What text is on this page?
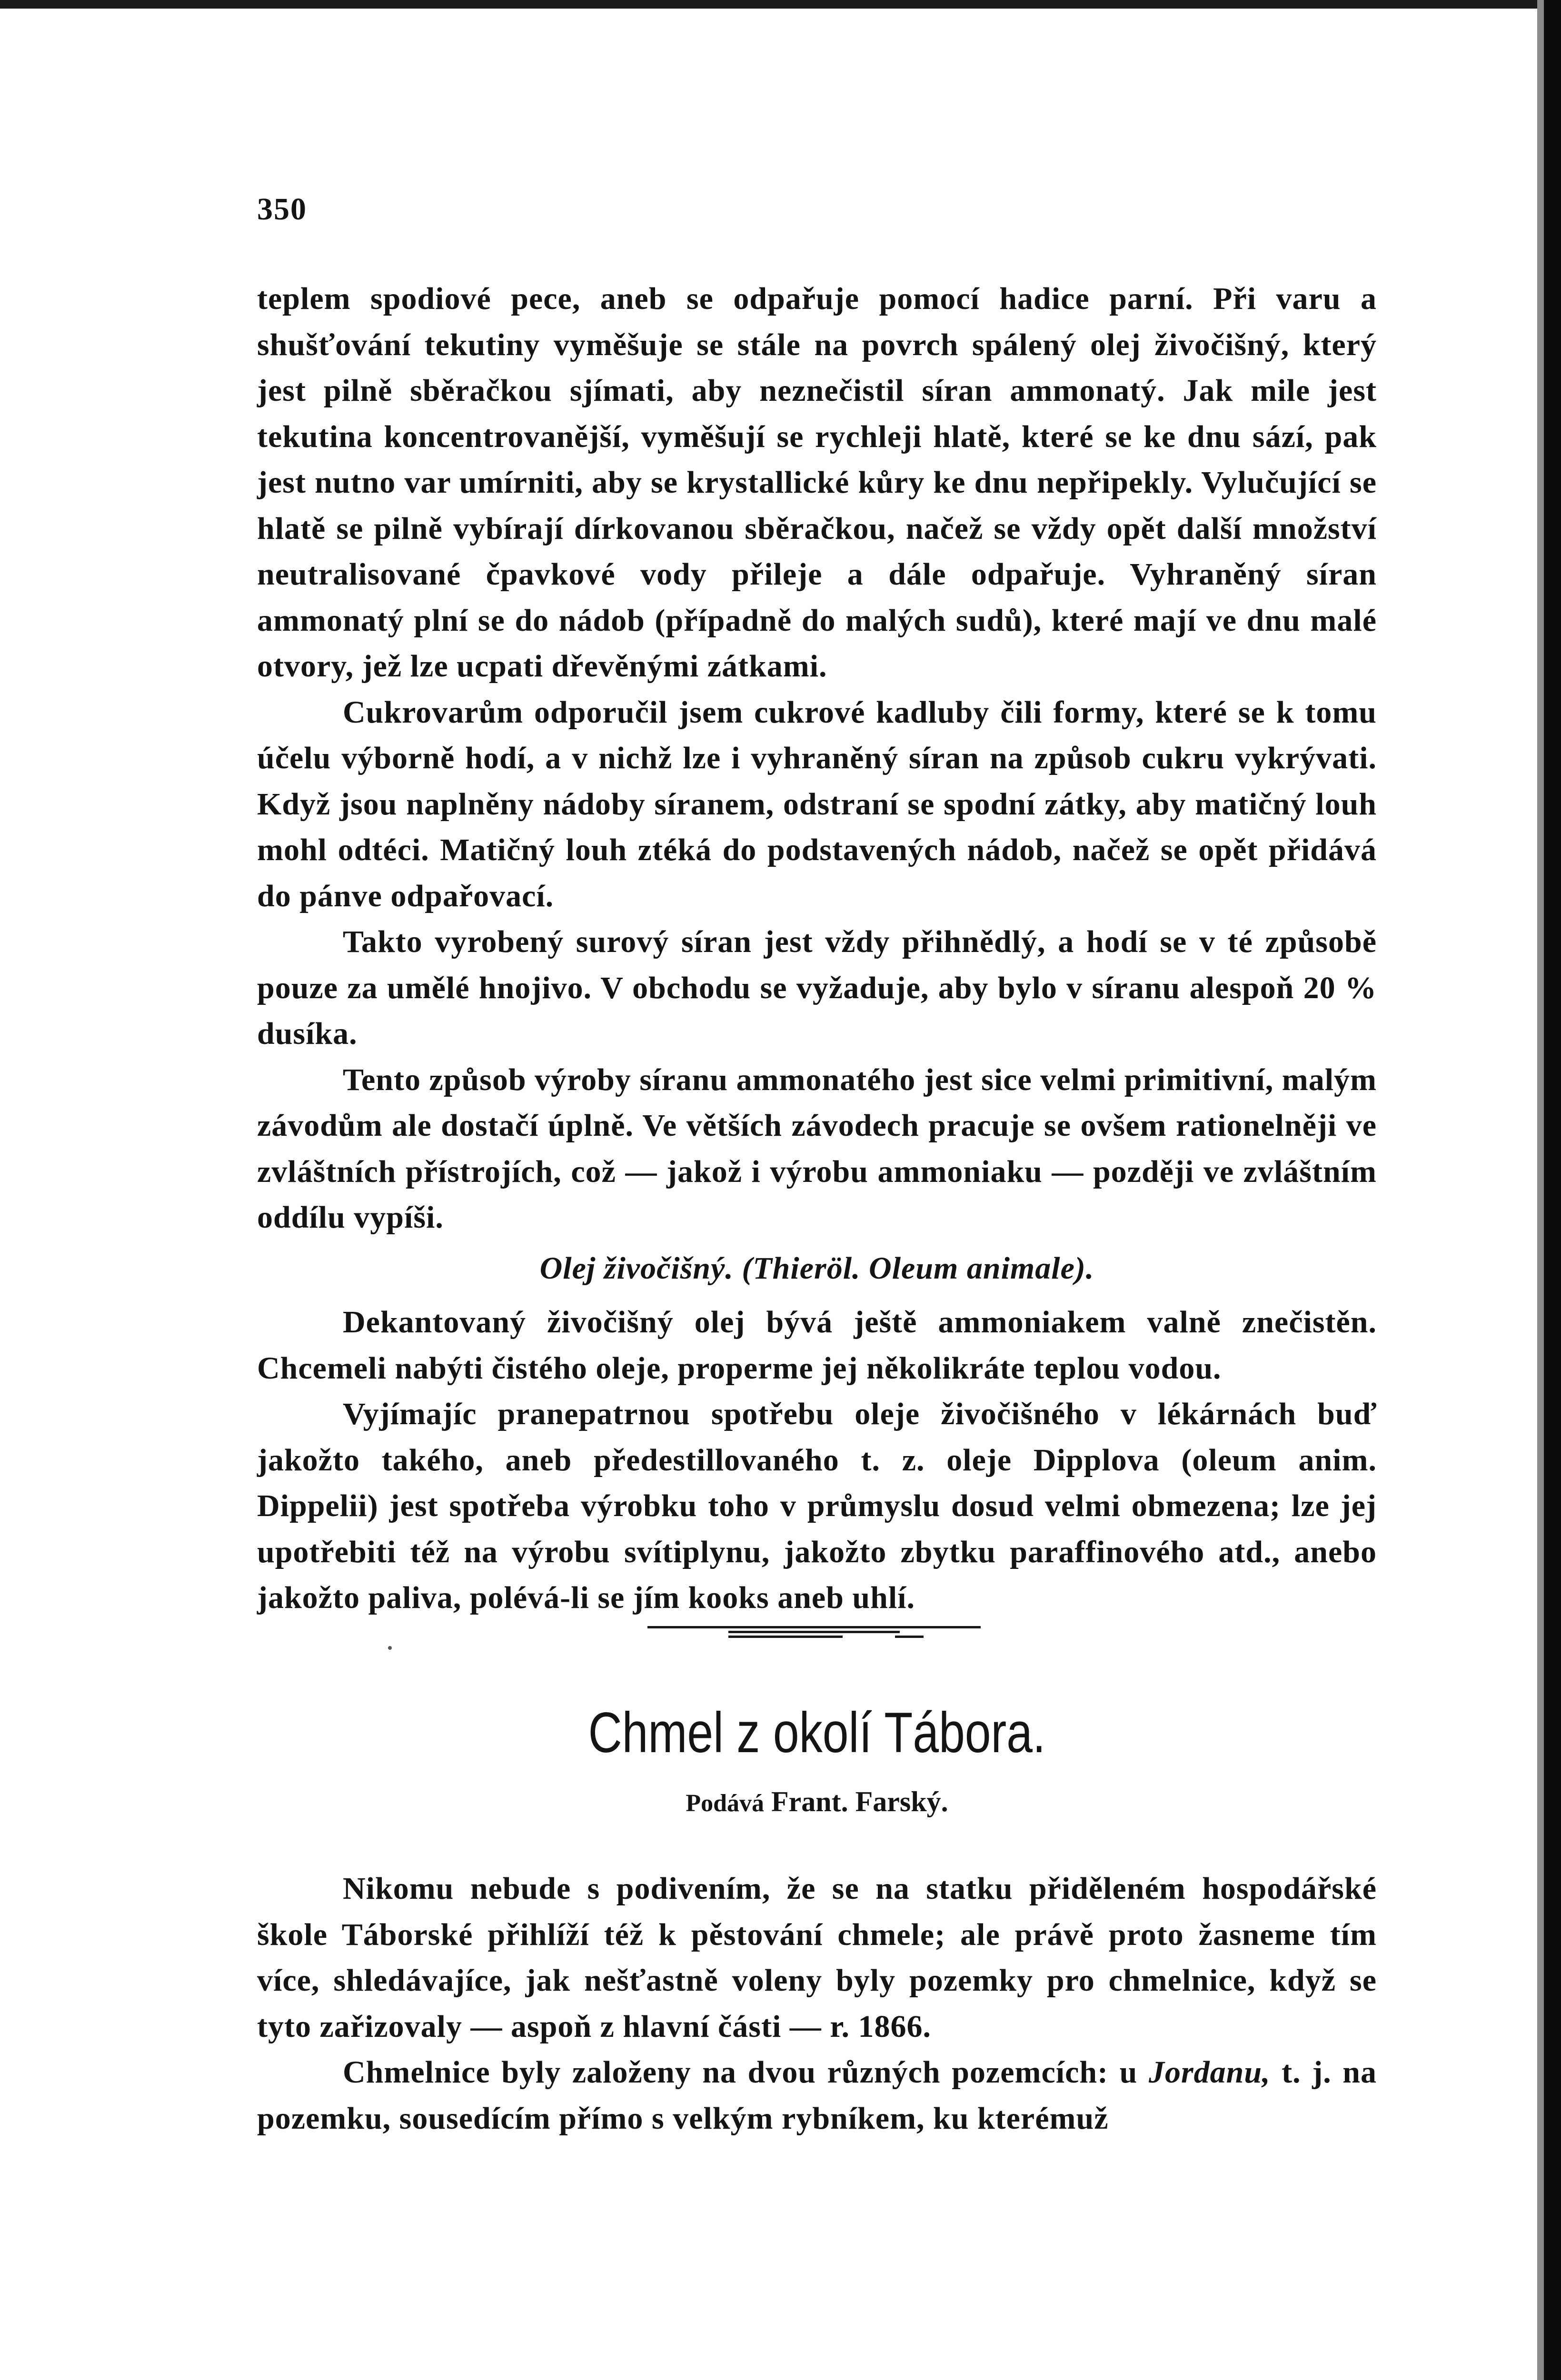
350

teplem spodiové pece, aneb se odpařuje pomocí hadice parní. Při varu a shušťování tekutiny vyměšuje se stále na povrch spálený olej živočišný, který jest pilně sběračkou sjímati, aby neznečistil síran ammonatý. Jak mile jest tekutina koncentrovanější, vyměšují se rychleji hlatě, které se ke dnu sází, pak jest nutno var umírniti, aby se krystallické kůry ke dnu nepřipekly. Vylučující se hlatě se pilně vybírají dírkovanou sběračkou, načež se vždy opět další množství neutralisované čpavkové vody přileje a dále odpařuje. Vyhraněný síran ammonatý plní se do nádob (případně do malých sudů), které mají ve dnu malé otvory, jež lze ucpati dřevěnými zátkami.

Cukrovarům odporučil jsem cukrové kadluby čili formy, které se k tomu účelu výborně hodí, a v nichž lze i vyhraněný síran na způsob cukru vykrývati. Když jsou naplněny nádoby síranem, odstraní se spodní zátky, aby matičný louh mohl odtéci. Matičný louh ztéká do podstavených nádob, načež se opět přidává do pánve odpařovací.

Takto vyrobený surový síran jest vždy přihnědlý, a hodí se v té způsobě pouze za umělé hnojivo. V obchodu se vyžaduje, aby bylo v síranu alespoň 20 % dusíka.

Tento způsob výroby síranu ammonatého jest sice velmi primitivní, malým závodům ale dostačí úplně. Ve větších závodech pracuje se ovšem rationelněji ve zvláštních přístrojích, což — jakož i výrobu ammoniaku — později ve zvláštním oddílu vypíši.

Olej živočišný. (Thieröl. Oleum animale).

Dekantovaný živočišný olej bývá ještě ammoniakem valně znečistěn. Chcemeli nabýti čistého oleje, properme jej několikráte teplou vodou.

Vyjímajíc pranepatrnou spotřebu oleje živočišného v lékárnách buď jakožto takého, aneb předestillovaného t. z. oleje Dipplova (oleum anim. Dippelii) jest spotřeba výrobku toho v průmyslu dosud velmi obmezena; lze jej upotřebiti též na výrobu svítiplynu, jakožto zbytku paraffinového atd., anebo jakožto paliva, polévá-li se jím kooks aneb uhlí.

Chmel z okolí Tábora.
Podává Frant. Farský.

Nikomu nebude s podivením, že se na statku přiděleném hospodářské škole Táborské přihlíží též k pěstování chmele; ale právě proto žasneme tím více, shledávajíce, jak nešťastně voleny byly pozemky pro chmelnice, když se tyto zařizovaly — aspoň z hlavní části — r. 1866.

Chmelnice byly založeny na dvou různých pozemcích: u Jordanu, t. j. na pozemku, sousedícím přímo s velkým rybníkem, ku kterémuž
